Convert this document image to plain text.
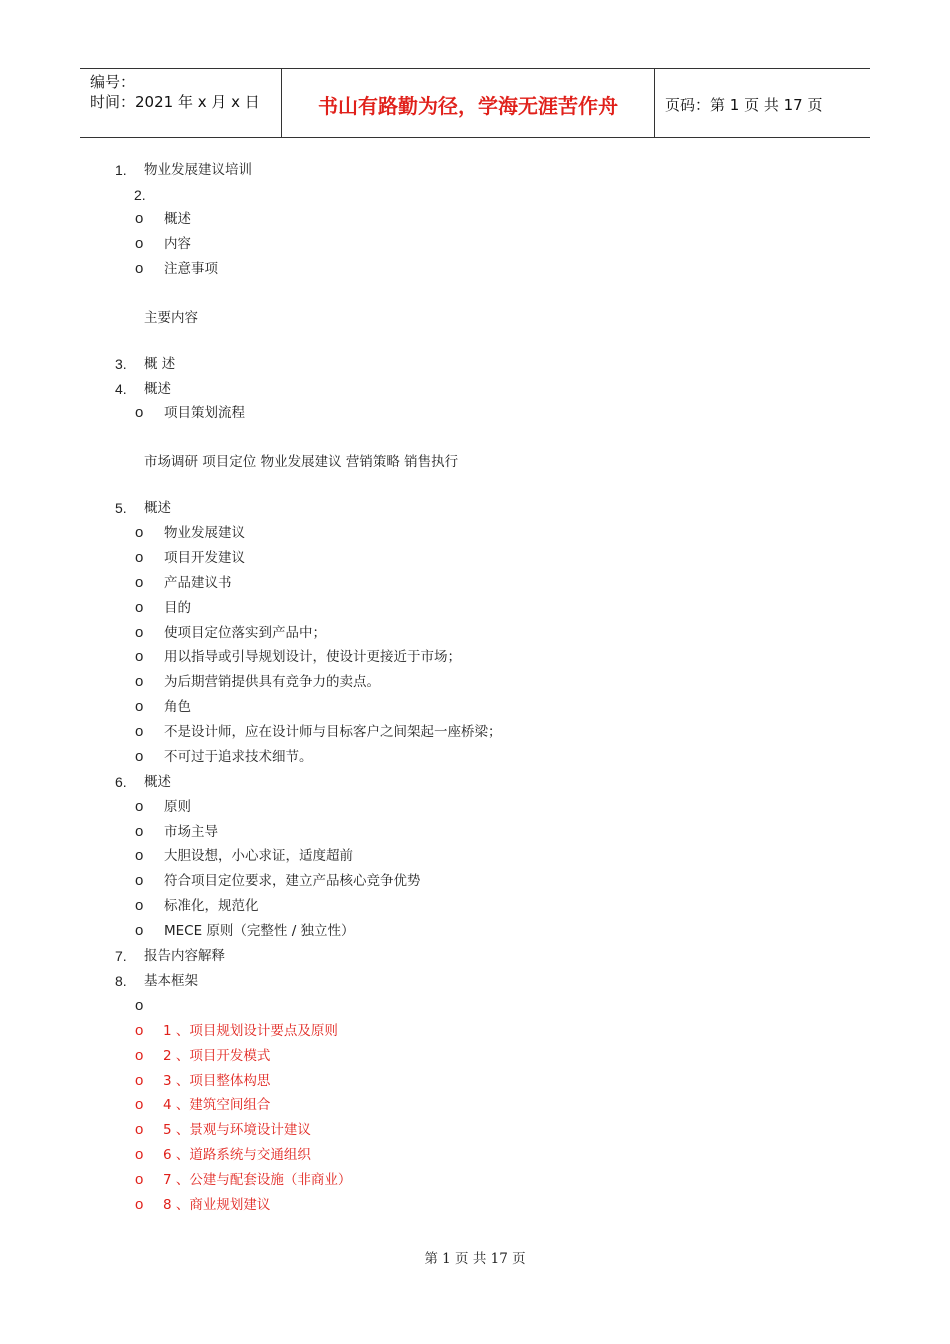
编号：
时间：2021 年 x 月 x 日	书山有路勤为径，学海无涯苦作舟	页码：第 1 页 共 17 页
1. 物业发展建议培训
2.
o 概述
o 内容
o 注意事项
主要内容
3. 概 述
4. 概述
o 项目策划流程
市场调研 项目定位 物业发展建议 营销策略 销售执行
5. 概述
o 物业发展建议
o 项目开发建议
o 产品建议书
o 目的
o 使项目定位落实到产品中；
o 用以指导或引导规划设计，使设计更接近于市场；
o 为后期营销提供具有竞争力的卖点。
o 角色
o 不是设计师，应在设计师与目标客户之间架起一座桥梁；
o 不可过于追求技术细节。
6. 概述
o 原则
o 市场主导
o 大胆设想，小心求证，适度超前
o 符合项目定位要求，建立产品核心竞争优势
o 标准化，规范化
o MECE 原则（完整性 / 独立性）
7. 报告内容解释
8. 基本框架
o
o 1 、项目规划设计要点及原则
o 2 、项目开发模式
o 3 、项目整体构思
o 4 、建筑空间组合
o 5 、景观与环境设计建议
o 6 、道路系统与交通组织
o 7 、公建与配套设施（非商业）
o 8 、商业规划建议
第 1 页 共 17 页
